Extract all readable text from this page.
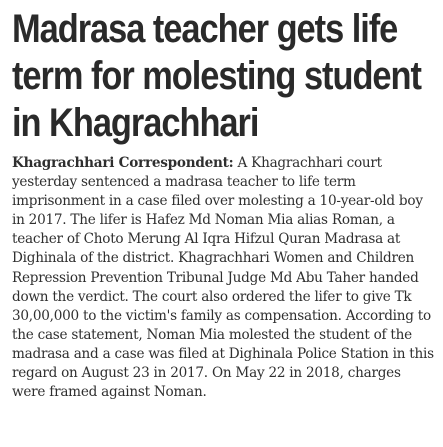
Madrasa teacher gets life term for molesting student in Khagrachhari

Khagrachhari Correspondent: A Khagrachhari court yesterday sentenced a madrasa teacher to life term imprisonment in a case filed over molesting a 10-year-old boy in 2017. The lifer is Hafez Md Noman Mia alias Roman, a teacher of Choto Merung Al Iqra Hifzul Quran Madrasa at Dighinala of the district. Khagrachhari Women and Children Repression Prevention Tribunal Judge Md Abu Taher handed down the verdict. The court also ordered the lifer to give Tk 30,00,000 to the victim's family as compensation. According to the case statement, Noman Mia molested the student of the madrasa and a case was filed at Dighinala Police Station in this regard on August 23 in 2017. On May 22 in 2018, charges were framed against Noman.
